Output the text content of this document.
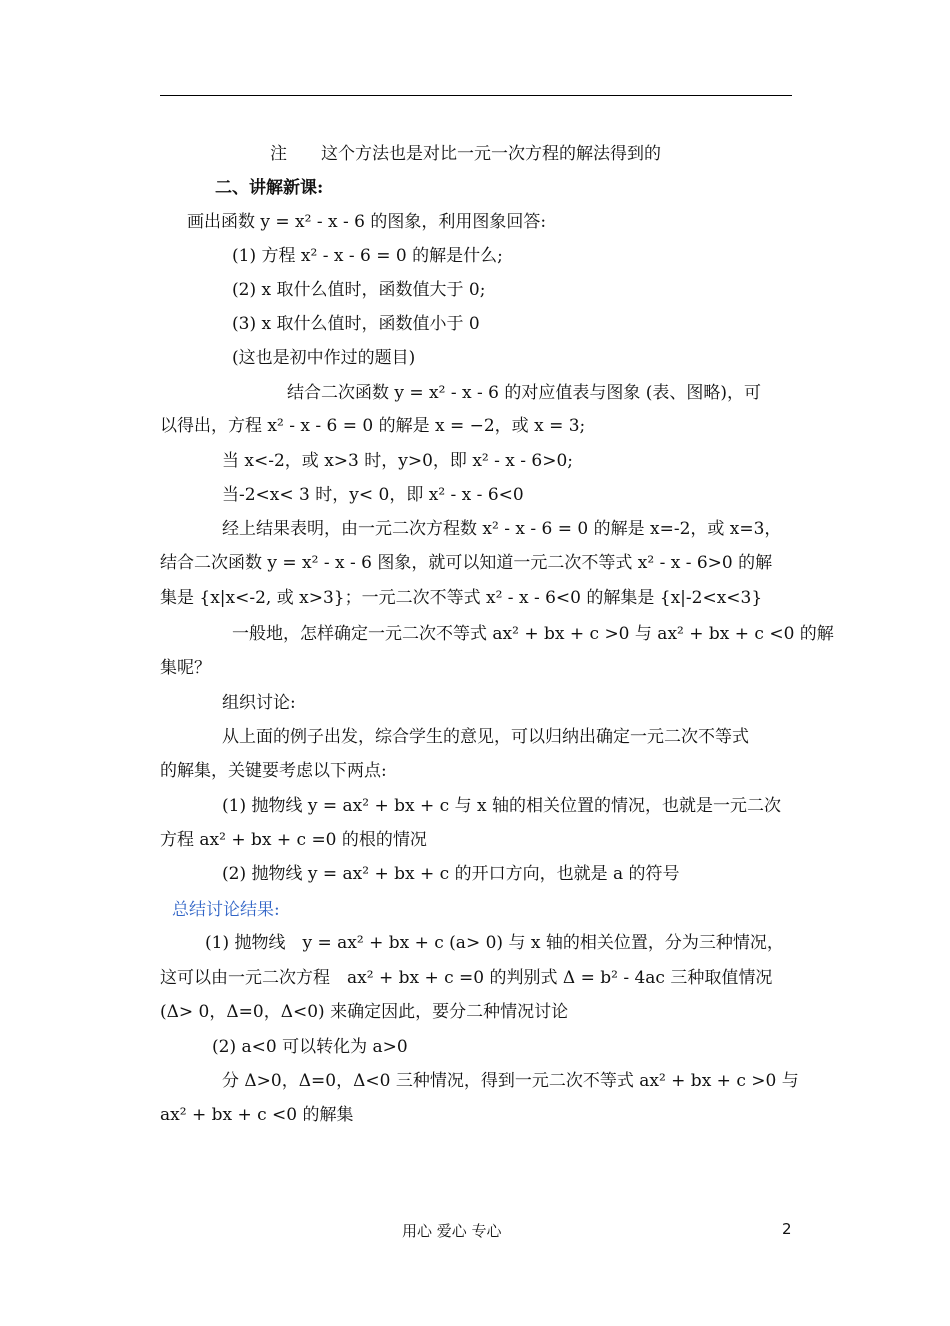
注　　这个方法也是对比一元一次方程的解法得到的
二、讲解新课:
画出函数 y = x² - x - 6 的图象，利用图象回答:
(1) 方程 x² - x - 6 = 0 的解是什么;
(2) x 取什么值时，函数值大于 0;
(3) x 取什么值时，函数值小于 0
(这也是初中作过的题目)
结合二次函数 y = x² - x - 6 的对应值表与图象 (表、图略)，可
以得出，方程 x² - x - 6 = 0 的解是 x = −2，或 x = 3;
当 x<-2，或 x>3 时，y>0，即 x² - x - 6>0;
当-2<x< 3 时，y< 0，即 x² - x - 6<0
经上结果表明，由一元二次方程数 x² - x - 6 = 0 的解是 x=-2，或 x=3，
结合二次函数 y = x² - x - 6 图象，就可以知道一元二次不等式 x² - x - 6>0 的解
集是 {x|x<-2, 或 x>3}；一元二次不等式 x² - x - 6<0 的解集是 {x|-2<x<3}
一般地，怎样确定一元二次不等式 ax² + bx + c >0 与 ax² + bx + c <0 的解
集呢？
组织讨论:
从上面的例子出发，综合学生的意见，可以归纳出确定一元二次不等式
的解集，关键要考虑以下两点:
(1) 抛物线 y = ax² + bx + c 与 x 轴的相关位置的情况，也就是一元二次
方程 ax² + bx + c =0 的根的情况
(2) 抛物线 y = ax² + bx + c 的开口方向，也就是 a 的符号
总结讨论结果:
(1) 抛物线　y = ax² + bx + c (a> 0) 与 x 轴的相关位置，分为三种情况，
这可以由一元二次方程　ax² + bx + c =0 的判别式 Δ = b² - 4ac 三种取值情况
(Δ> 0，Δ=0，Δ<0) 来确定因此，要分二种情况讨论
(2) a<0 可以转化为 a>0
分 Δ>0，Δ=0，Δ<0 三种情况，得到一元二次不等式 ax² + bx + c >0 与
ax² + bx + c <0 的解集
用心 爱心 专心	2
